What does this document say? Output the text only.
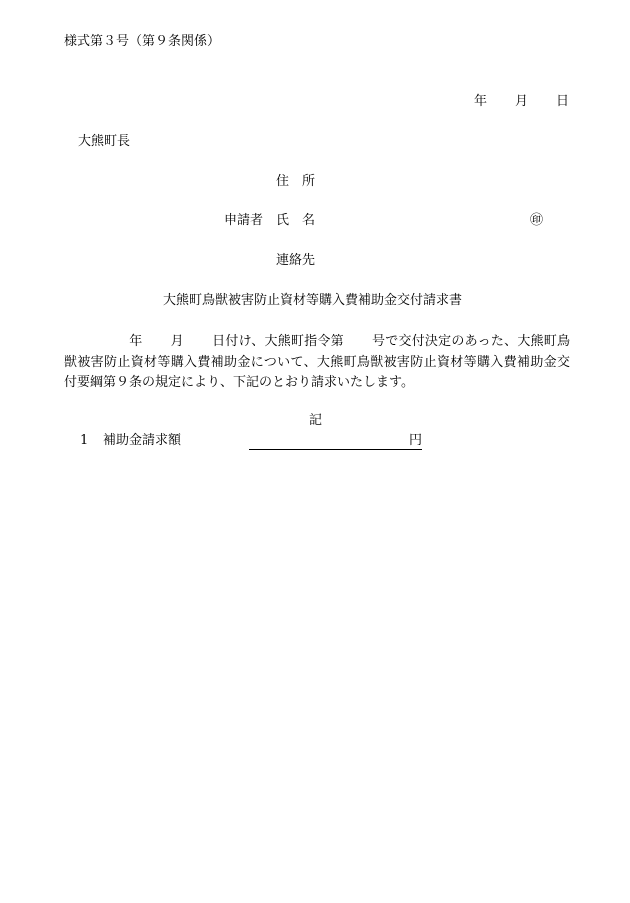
様式第３号（第９条関係）
年 月 日
大熊町長
住　所
申請者 氏　名	㊞
連絡先
大熊町鳥獣被害防止資材等購入費補助金交付請求書
年 月 日付け、大熊町指令第 号で交付決定のあった、大熊町鳥獣被害防止資材等購入費補助金について、大熊町鳥獣被害防止資材等購入費補助金交付要綱第９条の規定により、下記のとおり請求いたします。
記
1 補助金請求額	円
